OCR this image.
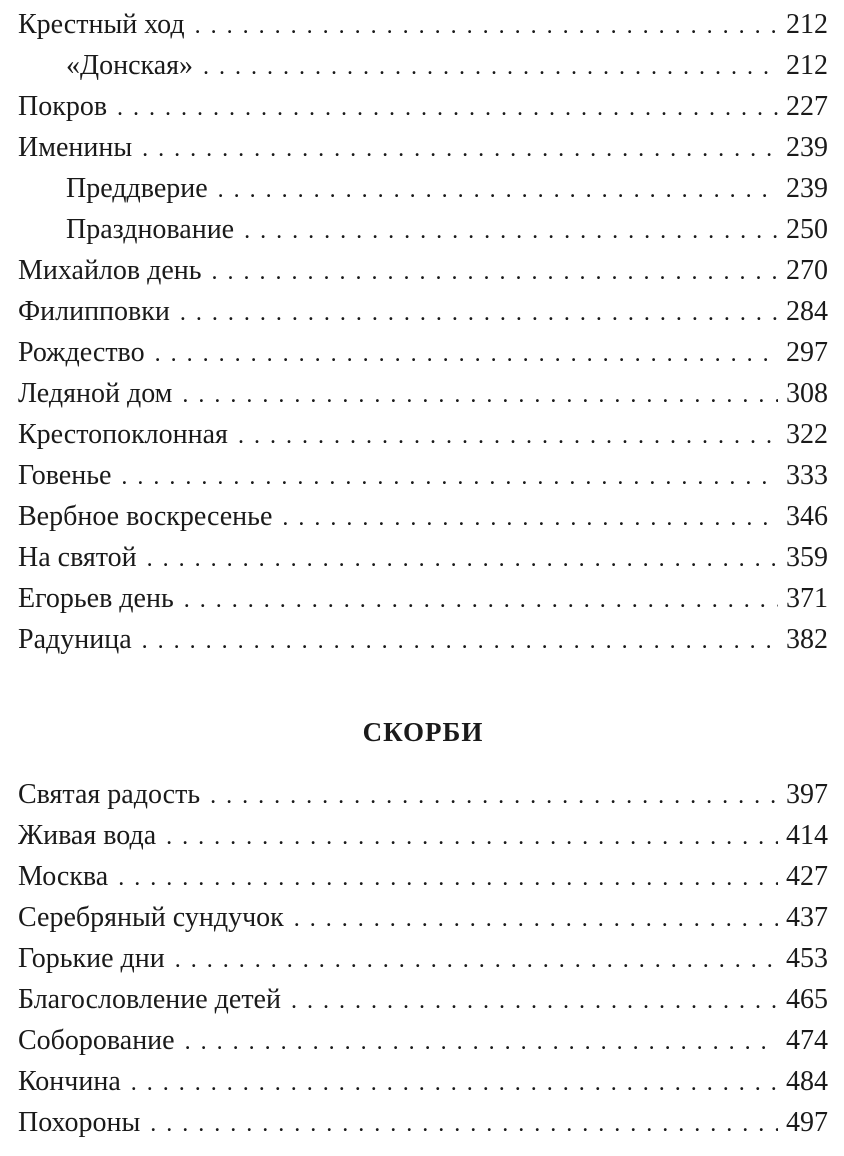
Крестный ход . . .	212
«Донская» . . .	212
Покров . . .	227
Именины . . .	239
Преддверие . . .	239
Празднование . . .	250
Михайлов день . . .	270
Филипповки . . .	284
Рождество . . .	297
Ледяной дом . . .	308
Крестопоклонная . . .	322
Говенье . . .	333
Вербное воскресенье . . .	346
На святой . . .	359
Егорьев день . . .	371
Радуница . . .	382
СКОРБИ
Святая радость . . .	397
Живая вода . . .	414
Москва . . .	427
Серебряный сундучок . . .	437
Горькие дни . . .	453
Благословление детей . . .	465
Соборование . . .	474
Кончина . . .	484
Похороны . . .	497
